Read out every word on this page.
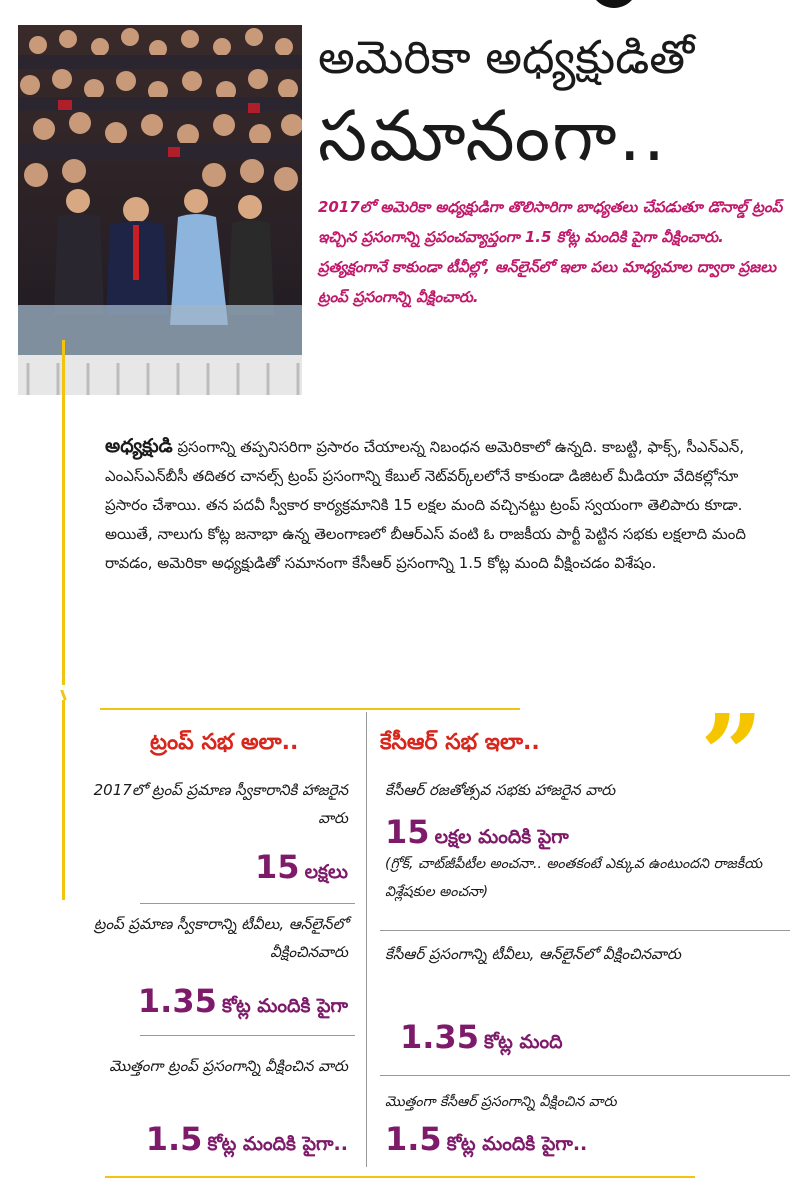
అమెరికా అధ్యక్షుడితో
సమానంగా..
2017లో అమెరికా అధ్యక్షుడిగా తొలిసారిగా బాధ్యతలు చేపడుతూ డొనాల్డ్ ట్రంప్ ఇచ్చిన ప్రసంగాన్ని ప్రపంచవ్యాప్తంగా 1.5 కోట్ల మందికి పైగా వీక్షించారు. ప్రత్యక్షంగానే కాకుండా టీవీల్లో, ఆన్‌లైన్‌లో ఇలా పలు మాధ్యమాల ద్వారా ప్రజలు ట్రంప్ ప్రసంగాన్ని వీక్షించారు.
అధ్యక్షుడి ప్రసంగాన్ని తప్పనిసరిగా ప్రసారం చేయాలన్న నిబంధన అమెరికాలో ఉన్నది. కాబట్టి, ఫాక్స్, సీఎన్ఎన్, ఎంఎస్ఎన్‌బీసీ తదితర చానల్స్ ట్రంప్ ప్రసంగాన్ని కేబుల్ నెట్‌వర్క్‌లలోనే కాకుండా డిజిటల్ మీడియా వేదికల్లోనూ ప్రసారం చేశాయి. తన పదవీ స్వీకార కార్యక్రమానికి 15 లక్షల మంది వచ్చినట్టు ట్రంప్ స్వయంగా తెలిపారు కూడా. అయితే, నాలుగు కోట్ల జనాభా ఉన్న తెలంగాణలో బీఆర్ఎస్ వంటి ఓ రాజకీయ పార్టీ పెట్టిన సభకు లక్షలాది మంది రావడం, అమెరికా అధ్యక్షుడితో సమానంగా కేసీఆర్ ప్రసంగాన్ని 1.5 కోట్ల మంది వీక్షించడం విశేషం.
”
ట్రంప్ సభ అలా..
2017లో ట్రంప్ ప్రమాణ స్వీకారానికి హాజరైన వారు
15 లక్షలు
ట్రంప్ ప్రమాణ స్వీకారాన్ని టీవీలు, ఆన్‌లైన్‌లో వీక్షించినవారు
1.35 కోట్ల మందికి పైగా
మొత్తంగా ట్రంప్ ప్రసంగాన్ని వీక్షించిన వారు
1.5 కోట్ల మందికి పైగా..
కేసీఆర్ సభ ఇలా..
కేసీఆర్ రజతోత్సవ సభకు హాజరైన వారు
15 లక్షల మందికి పైగా
(గ్రోక్, చాట్‌జీపీటీల అంచనా.. అంతకంటే ఎక్కువ ఉంటుందని రాజకీయ విశ్లేషకుల అంచనా)
కేసీఆర్ ప్రసంగాన్ని టీవీలు, ఆన్‌లైన్‌లో వీక్షించినవారు
1.35 కోట్ల మంది
మొత్తంగా కేసీఆర్ ప్రసంగాన్ని వీక్షించిన వారు
1.5 కోట్ల మందికి పైగా..
